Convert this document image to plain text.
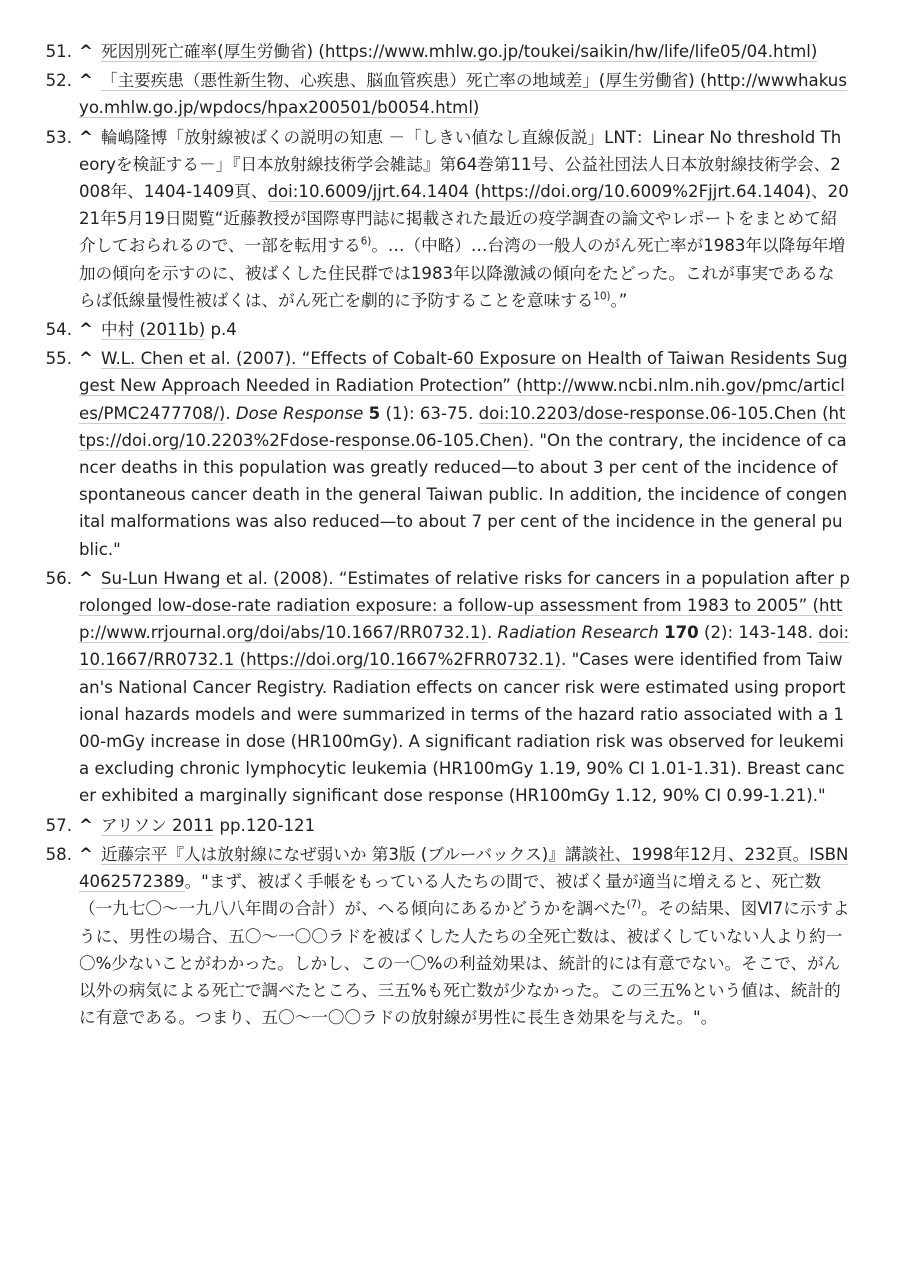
51. ^ 死因別死亡確率(厚生労働省) (https://www.mhlw.go.jp/toukei/saikin/hw/life/life05/04.html)
52. ^ 「主要疾患（悪性新生物、心疾患、脳血管疾患）死亡率の地域差」(厚生労働省) (http://wwwhakusyo.mhlw.go.jp/wpdocs/hpax200501/b0054.html)
53. ^ 輪嶋隆博「放射線被ばくの説明の知恵 －「しきい値なし直線仮説」LNT：Linear No threshold Theoryを検証する－」『日本放射線技術学会雑誌』第64巻第11号、公益社団法人日本放射線技術学会、2008年、1404-1409頁、doi:10.6009/jjrt.64.1404 (https://doi.org/10.6009%2Fjjrt.64.1404)、2021年5月19日閲覧“近藤教授が国際専門誌に掲載された最近の疫学調査の論文やレポートをまとめて紹介しておられるので、一部を転用する$^{6)}$。…（中略）…台湾の一般人のがん死亡率が1983年以降毎年増加の傾向を示すのに、被ばくした住民群では1983年以降激減の傾向をたどった。これが事実であるならば低線量慢性被ばくは、がん死亡を劇的に予防することを意味する$^{10)}$。”
54. ^ 中村 (2011b) p.4
55. ^ W.L. Chen et al. (2007). “Effects of Cobalt-60 Exposure on Health of Taiwan Residents Suggest New Approach Needed in Radiation Protection” (http://www.ncbi.nlm.nih.gov/pmc/articles/PMC2477708/). Dose Response 5 (1): 63-75. doi:10.2203/dose-response.06-105.Chen (https://doi.org/10.2203%2Fdose-response.06-105.Chen). "On the contrary, the incidence of cancer deaths in this population was greatly reduced—to about 3 per cent of the incidence of spontaneous cancer death in the general Taiwan public. In addition, the incidence of congenital malformations was also reduced—to about 7 per cent of the incidence in the general public."
56. ^ Su-Lun Hwang et al. (2008). “Estimates of relative risks for cancers in a population after prolonged low-dose-rate radiation exposure: a follow-up assessment from 1983 to 2005” (http://www.rrjournal.org/doi/abs/10.1667/RR0732.1). Radiation Research 170 (2): 143-148. doi:10.1667/RR0732.1 (https://doi.org/10.1667%2FRR0732.1). "Cases were identified from Taiwan's National Cancer Registry. Radiation effects on cancer risk were estimated using proportional hazards models and were summarized in terms of the hazard ratio associated with a 100-mGy increase in dose (HR100mGy). A significant radiation risk was observed for leukemia excluding chronic lymphocytic leukemia (HR100mGy 1.19, 90% CI 1.01-1.31). Breast cancer exhibited a marginally significant dose response (HR100mGy 1.12, 90% CI 0.99-1.21)."
57. ^ アリソン 2011 pp.120-121
58. ^ 近藤宗平『人は放射線になぜ弱いか 第3版 (ブルーバックス)』講談社、1998年12月、232頁。ISBN 4062572389。"まず、被ばく手帳をもっている人たちの間で、被ばく量が適当に増えると、死亡数（一九七〇～一九八八年間の合計）が、へる傾向にあるかどうかを調べた$^{(7)}$。その結果、図Ⅵ7に示すように、男性の場合、五〇～一〇〇ラドを被ばくした人たちの全死亡数は、被ばくしていない人より約一〇%少ないことがわかった。しかし、この一〇%の利益効果は、統計的には有意でない。そこで、がん以外の病気による死亡で調べたところ、三五%も死亡数が少なかった。この三五%という値は、統計的に有意である。つまり、五〇～一〇〇ラドの放射線が男性に長生き効果を与えた。"。
